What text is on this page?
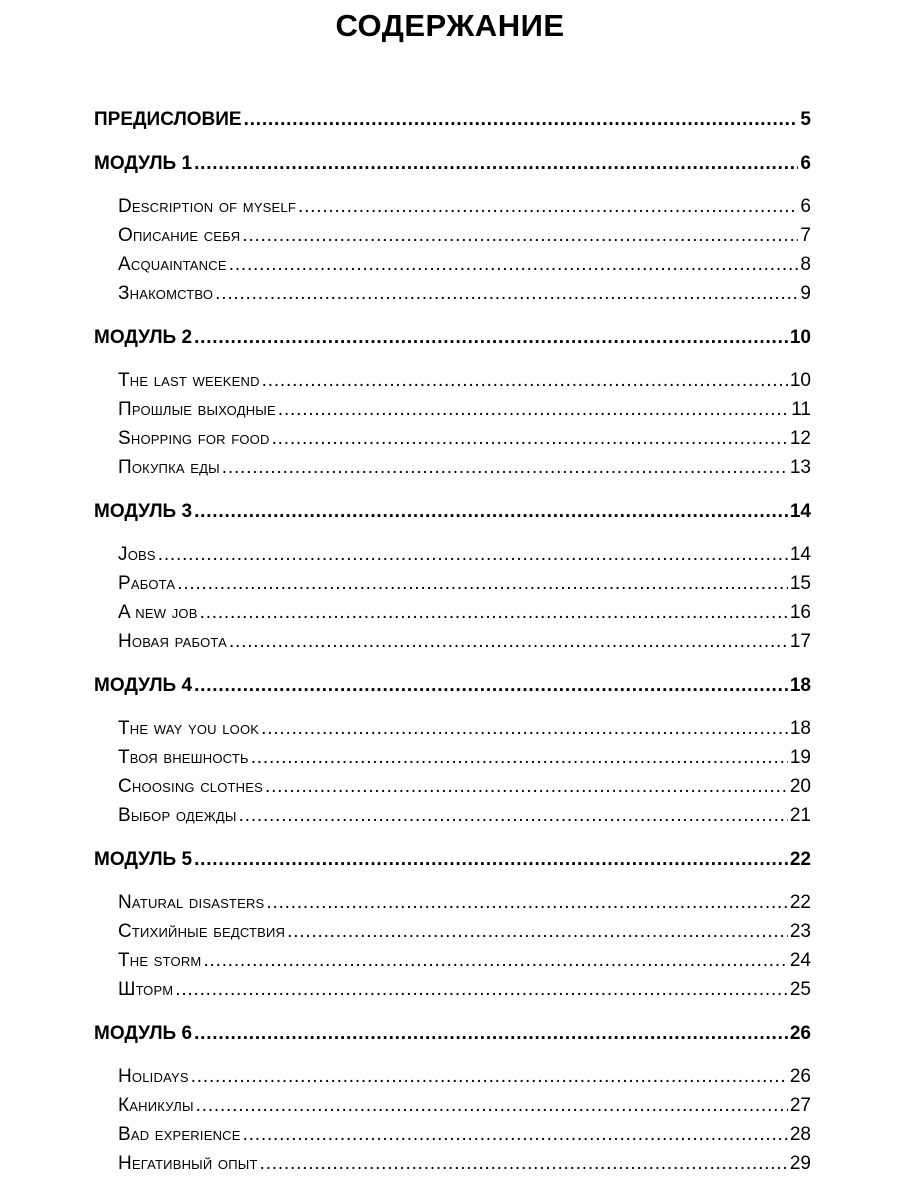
СОДЕРЖАНИЕ
ПРЕДИСЛОВИЕ .....	5
МОДУЛЬ 1 .....	6
Description of myself .....	6
Описание себя .....	7
Acquaintance .....	8
Знакомство .....	9
МОДУЛЬ 2 .....	10
The last weekend .....	10
Прошлые выходные .....	11
Shopping for food .....	12
Покупка еды .....	13
МОДУЛЬ 3 .....	14
Jobs .....	14
Работа .....	15
A new job .....	16
Новая работа .....	17
МОДУЛЬ 4 .....	18
The way you look .....	18
Твоя внешность .....	19
Choosing clothes .....	20
Выбор одежды .....	21
МОДУЛЬ 5 .....	22
Natural disasters .....	22
Стихийные бедствия .....	23
The storm .....	24
Шторм .....	25
МОДУЛЬ 6 .....	26
Holidays .....	26
Каникулы .....	27
Bad experience .....	28
Негативный опыт .....	29
